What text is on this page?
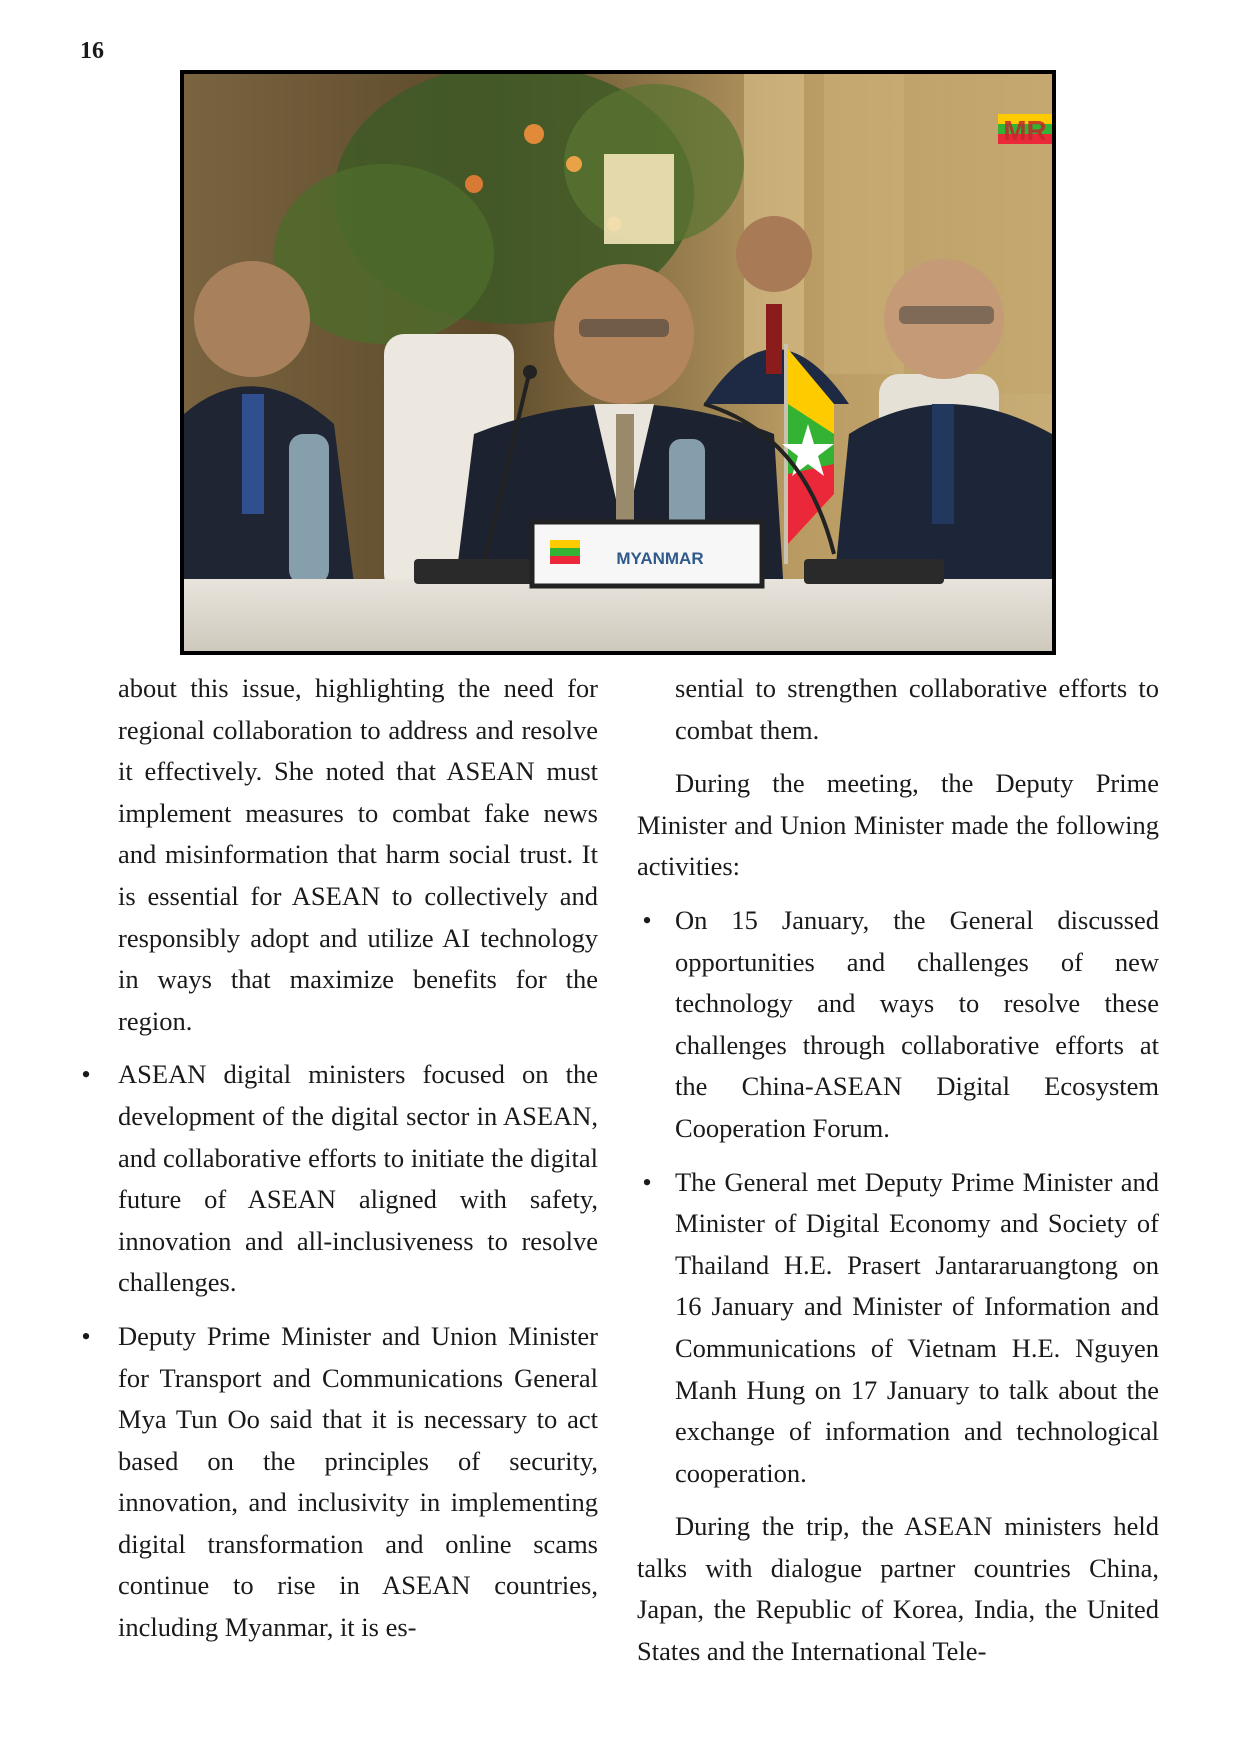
16
MYANMAR
MR

about this issue, highlighting the need for regional collaboration to address and resolve it effectively. She noted that ASEAN must implement measures to combat fake news and misinformation that harm social trust. It is essential for ASEAN to collectively and responsibly adopt and utilize AI technology in ways that maximize benefits for the region.

• ASEAN digital ministers focused on the development of the digital sector in ASEAN, and collaborative efforts to initiate the digital future of ASEAN aligned with safety, innovation and all-inclusiveness to resolve challenges.
• Deputy Prime Minister and Union Minister for Transport and Communications General Mya Tun Oo said that it is necessary to act based on the principles of security, innovation, and inclusivity in implementing digital transformation and online scams continue to rise in ASEAN countries, including Myanmar, it is es-

sential to strengthen collaborative efforts to combat them.

During the meeting, the Deputy Prime Minister and Union Minister made the following activities:

• On 15 January, the General discussed opportunities and challenges of new technology and ways to resolve these challenges through collaborative efforts at the China-ASEAN Digital Ecosystem Cooperation Forum.
• The General met Deputy Prime Minister and Minister of Digital Economy and Society of Thailand H.E. Prasert Jantararuangtong on 16 January and Minister of Information and Communications of Vietnam H.E. Nguyen Manh Hung on 17 January to talk about the exchange of information and technological cooperation.

During the trip, the ASEAN ministers held talks with dialogue partner countries China, Japan, the Republic of Korea, India, the United States and the International Tele-
